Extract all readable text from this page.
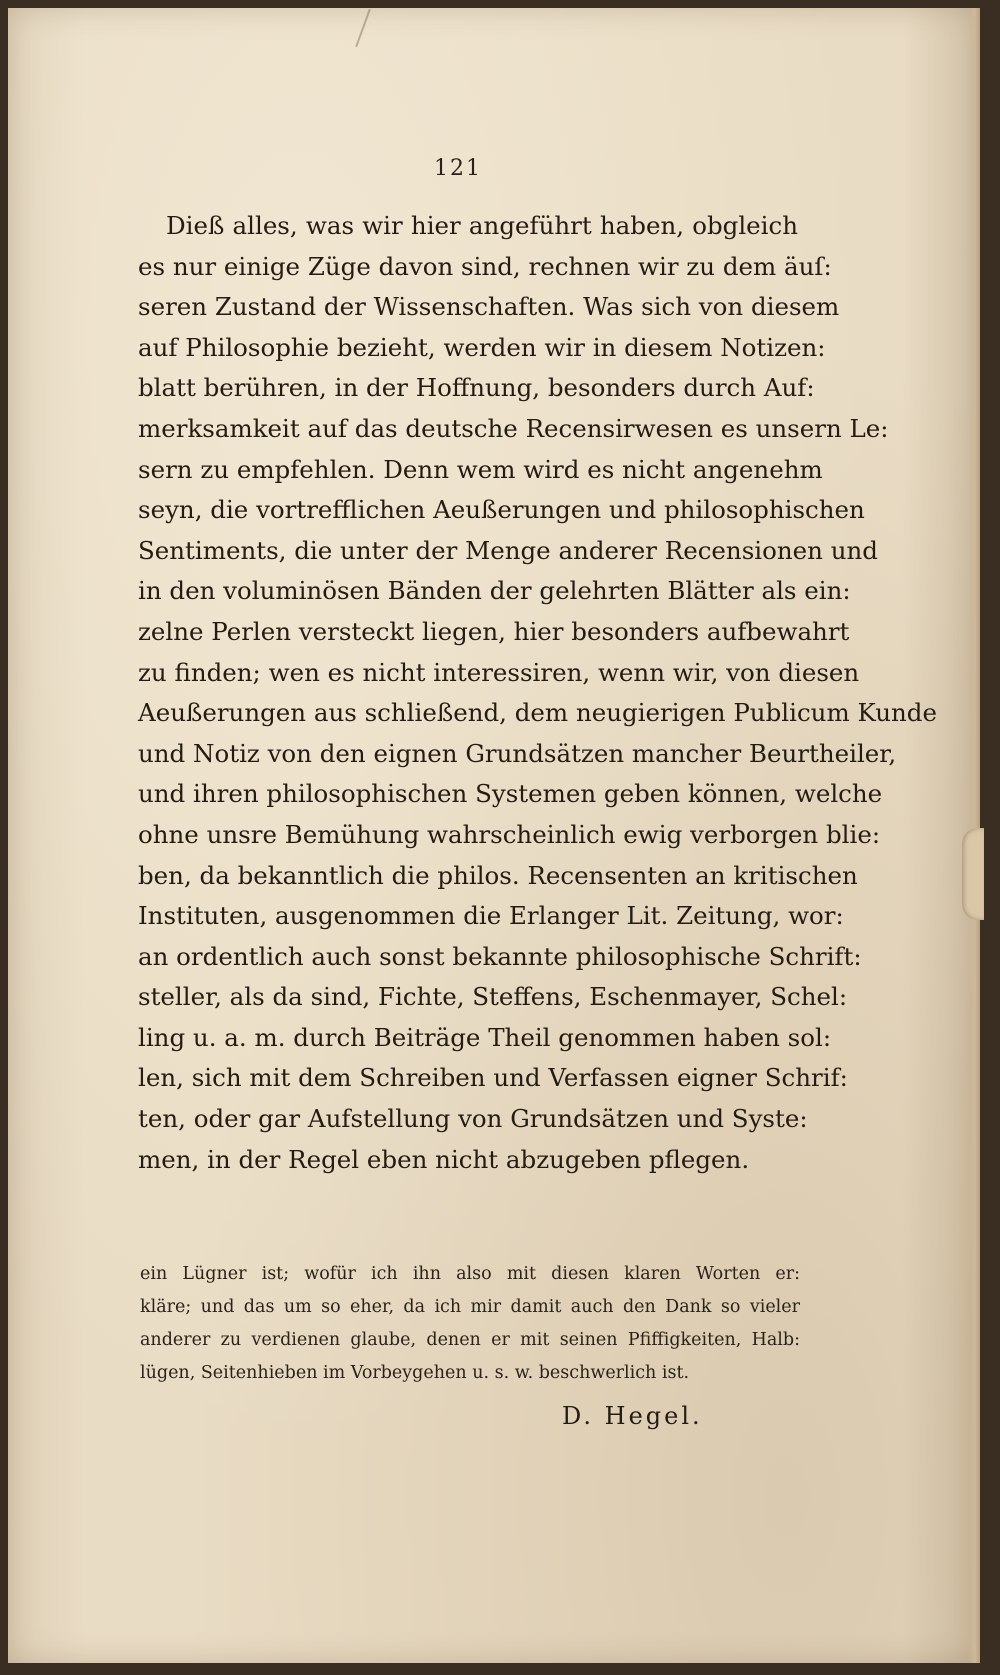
121
Dieß alles, was wir hier angeführt haben, obgleich
es nur einige Züge davon sind, rechnen wir zu dem äuſ:
seren Zustand der Wissenschaften. Was sich von diesem
auf Philosophie bezieht, werden wir in diesem Notizen:
blatt berühren, in der Hoffnung, besonders durch Auf:
merksamkeit auf das deutsche Recensirwesen es unsern Le:
sern zu empfehlen. Denn wem wird es nicht angenehm
seyn, die vortrefflichen Aeußerungen und philosophischen
Sentiments, die unter der Menge anderer Recensionen und
in den voluminösen Bänden der gelehrten Blätter als ein:
zelne Perlen versteckt liegen, hier besonders aufbewahrt
zu finden; wen es nicht interessiren, wenn wir, von diesen
Aeußerungen aus schließend, dem neugierigen Publicum Kunde
und Notiz von den eignen Grundsätzen mancher Beurtheiler,
und ihren philosophischen Systemen geben können, welche
ohne unsre Bemühung wahrscheinlich ewig verborgen blie:
ben, da bekanntlich die philos. Recensenten an kritischen
Instituten, ausgenommen die Erlanger Lit. Zeitung, wor:
an ordentlich auch sonst bekannte philosophische Schrift:
steller, als da sind, Fichte, Steffens, Eschenmayer, Schel:
ling u. a. m. durch Beiträge Theil genommen haben sol:
len, sich mit dem Schreiben und Verfassen eigner Schrif:
ten, oder gar Aufstellung von Grundsätzen und Syste:
men, in der Regel eben nicht abzugeben pflegen.
ein Lügner ist; wofür ich ihn also mit diesen klaren Worten er:
kläre; und das um so eher, da ich mir damit auch den Dank so vieler
anderer zu verdienen glaube, denen er mit seinen Pfiffigkeiten, Halb:
lügen, Seitenhieben im Vorbeygehen u. s. w. beschwerlich ist.
D. Hegel.
